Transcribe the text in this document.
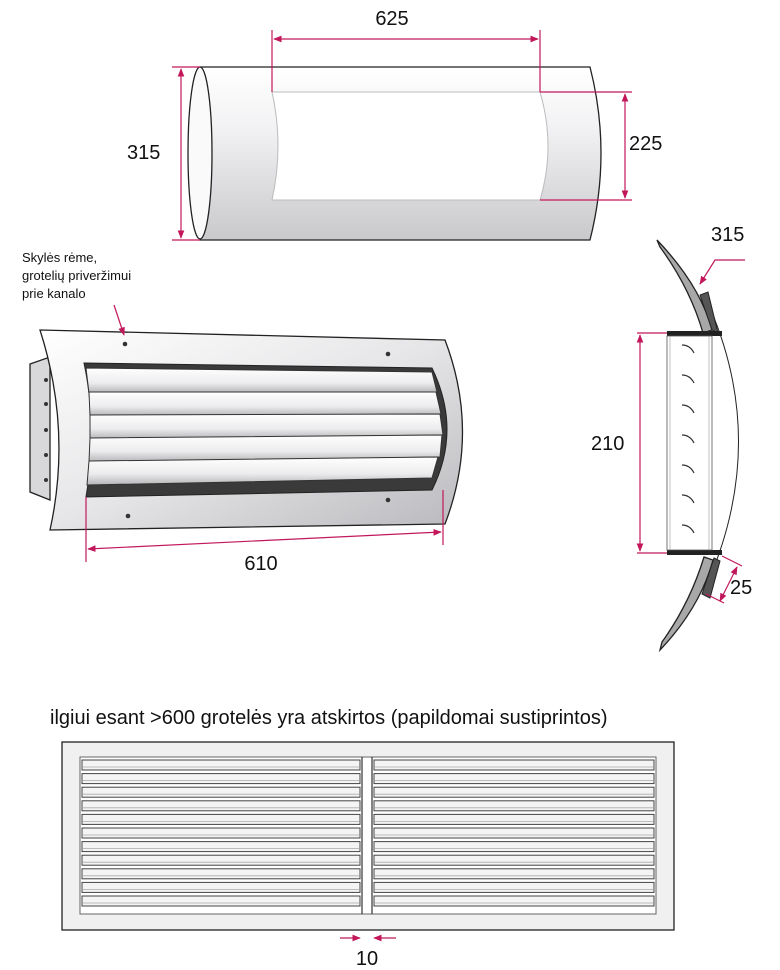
625
315	225
Skylės rėme,
grotelių priveržimui
prie kanalo
610
315
210
25
ilgiui esant >600 grotelės yra atskirtos (papildomai sustiprintos)
10
